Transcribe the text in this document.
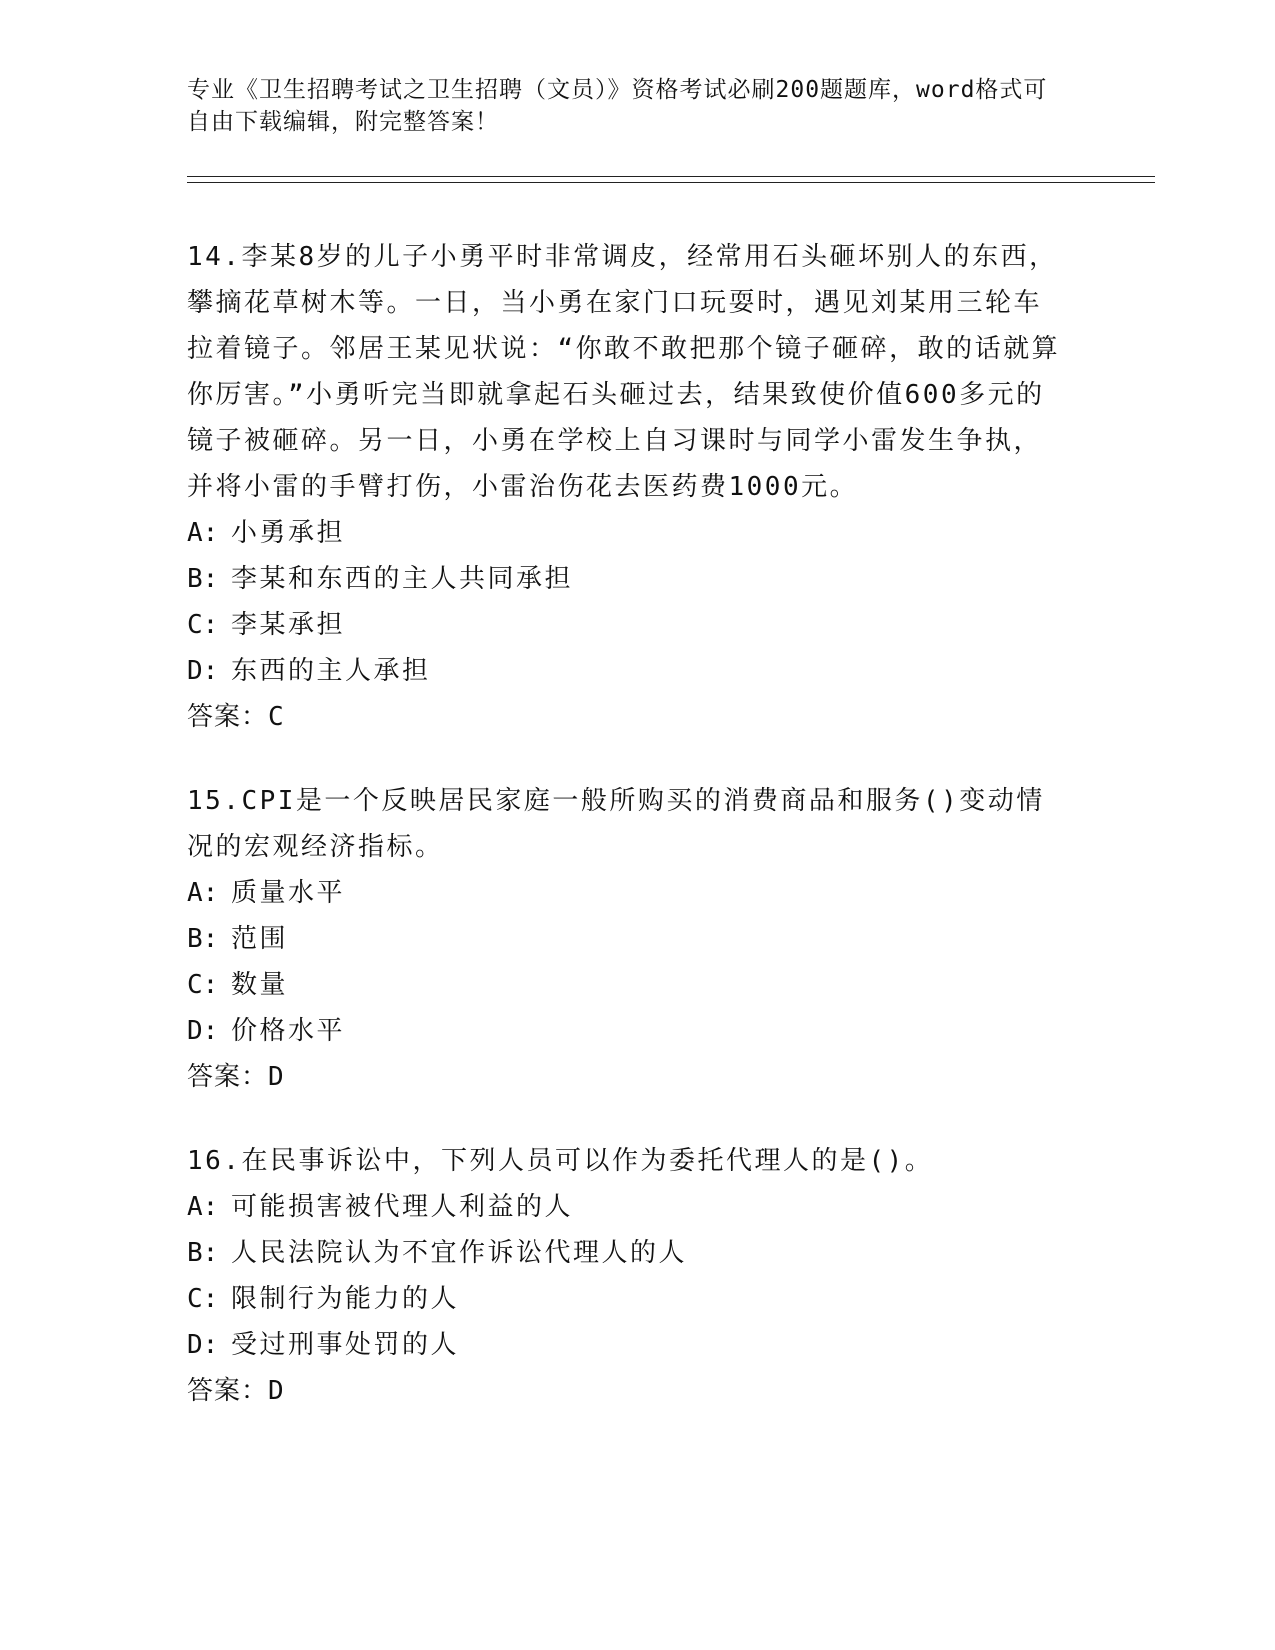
专业《卫生招聘考试之卫生招聘（文员）》资格考试必刷200题题库，word格式可自由下载编辑，附完整答案！

14.李某8岁的儿子小勇平时非常调皮，经常用石头砸坏别人的东西，攀摘花草树木等。一日，当小勇在家门口玩耍时，遇见刘某用三轮车拉着镜子。邻居王某见状说：“你敢不敢把那个镜子砸碎，敢的话就算你厉害。”小勇听完当即就拿起石头砸过去，结果致使价值600多元的镜子被砸碎。另一日，小勇在学校上自习课时与同学小雷发生争执，并将小雷的手臂打伤，小雷治伤花去医药费1000元。

A: 小勇承担

B: 李某和东西的主人共同承担

C: 李某承担

D: 东西的主人承担

答案：C

15.CPI是一个反映居民家庭一般所购买的消费商品和服务()变动情况的宏观经济指标。

A: 质量水平

B: 范围

C: 数量

D: 价格水平

答案：D

16.在民事诉讼中，下列人员可以作为委托代理人的是()。

A: 可能损害被代理人利益的人

B: 人民法院认为不宜作诉讼代理人的人

C: 限制行为能力的人

D: 受过刑事处罚的人

答案：D
